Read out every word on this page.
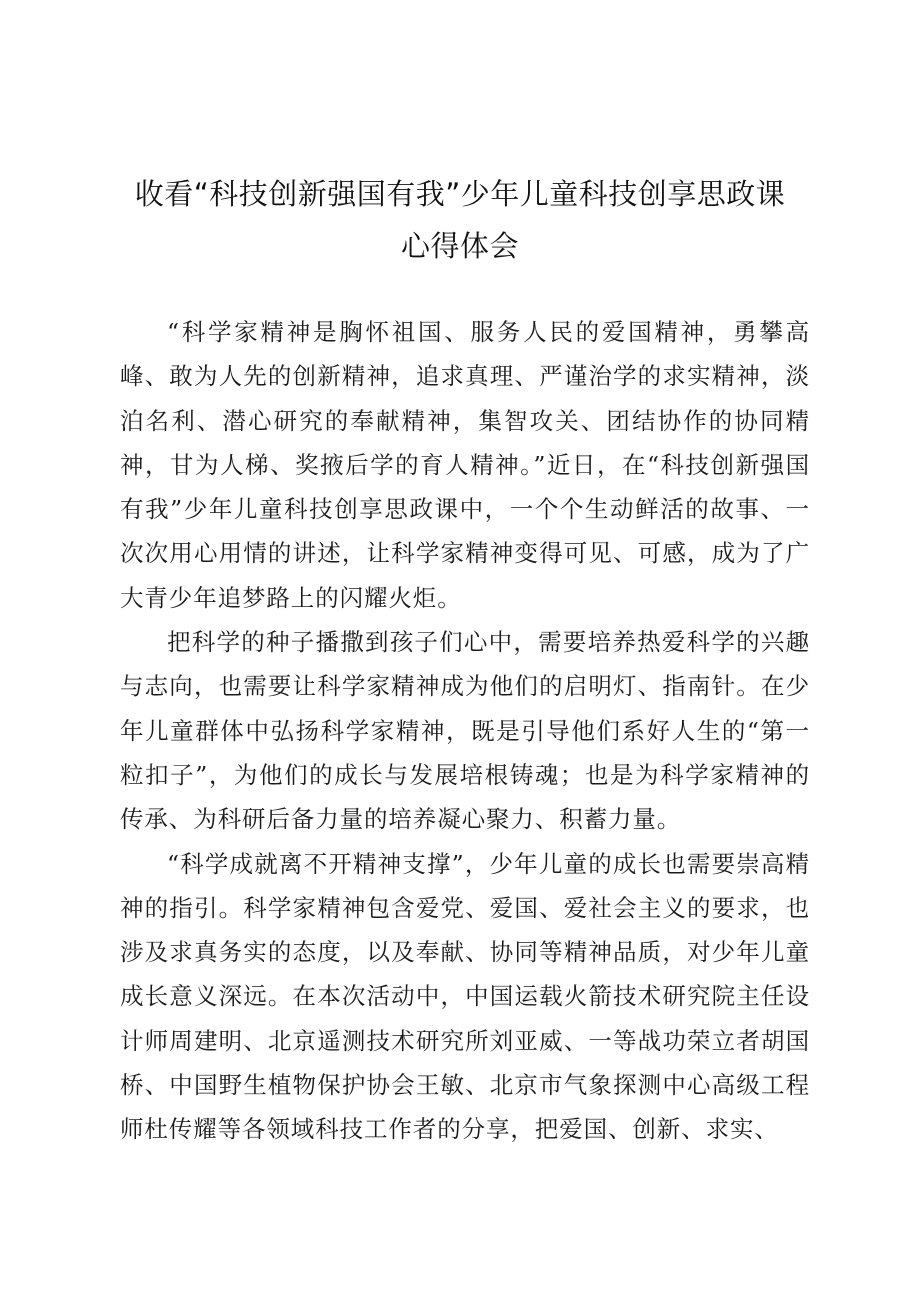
收看“科技创新强国有我”少年儿童科技创享思政课心得体会

“科学家精神是胸怀祖国、服务人民的爱国精神，勇攀高峰、敢为人先的创新精神，追求真理、严谨治学的求实精神，淡泊名利、潜心研究的奉献精神，集智攻关、团结协作的协同精神，甘为人梯、奖掖后学的育人精神。”近日，在“科技创新强国有我”少年儿童科技创享思政课中，一个个生动鲜活的故事、一次次用心用情的讲述，让科学家精神变得可见、可感，成为了广大青少年追梦路上的闪耀火炬。

把科学的种子播撒到孩子们心中，需要培养热爱科学的兴趣与志向，也需要让科学家精神成为他们的启明灯、指南针。在少年儿童群体中弘扬科学家精神，既是引导他们系好人生的“第一粒扣子”，为他们的成长与发展培根铸魂；也是为科学家精神的传承、为科研后备力量的培养凝心聚力、积蓄力量。

“科学成就离不开精神支撑”，少年儿童的成长也需要崇高精神的指引。科学家精神包含爱党、爱国、爱社会主义的要求，也涉及求真务实的态度，以及奉献、协同等精神品质，对少年儿童成长意义深远。在本次活动中，中国运载火箭技术研究院主任设计师周建明、北京遥测技术研究所刘亚威、一等战功荣立者胡国桥、中国野生植物保护协会王敏、北京市气象探测中心高级工程师杜传耀等各领域科技工作者的分享，把爱国、创新、求实、
